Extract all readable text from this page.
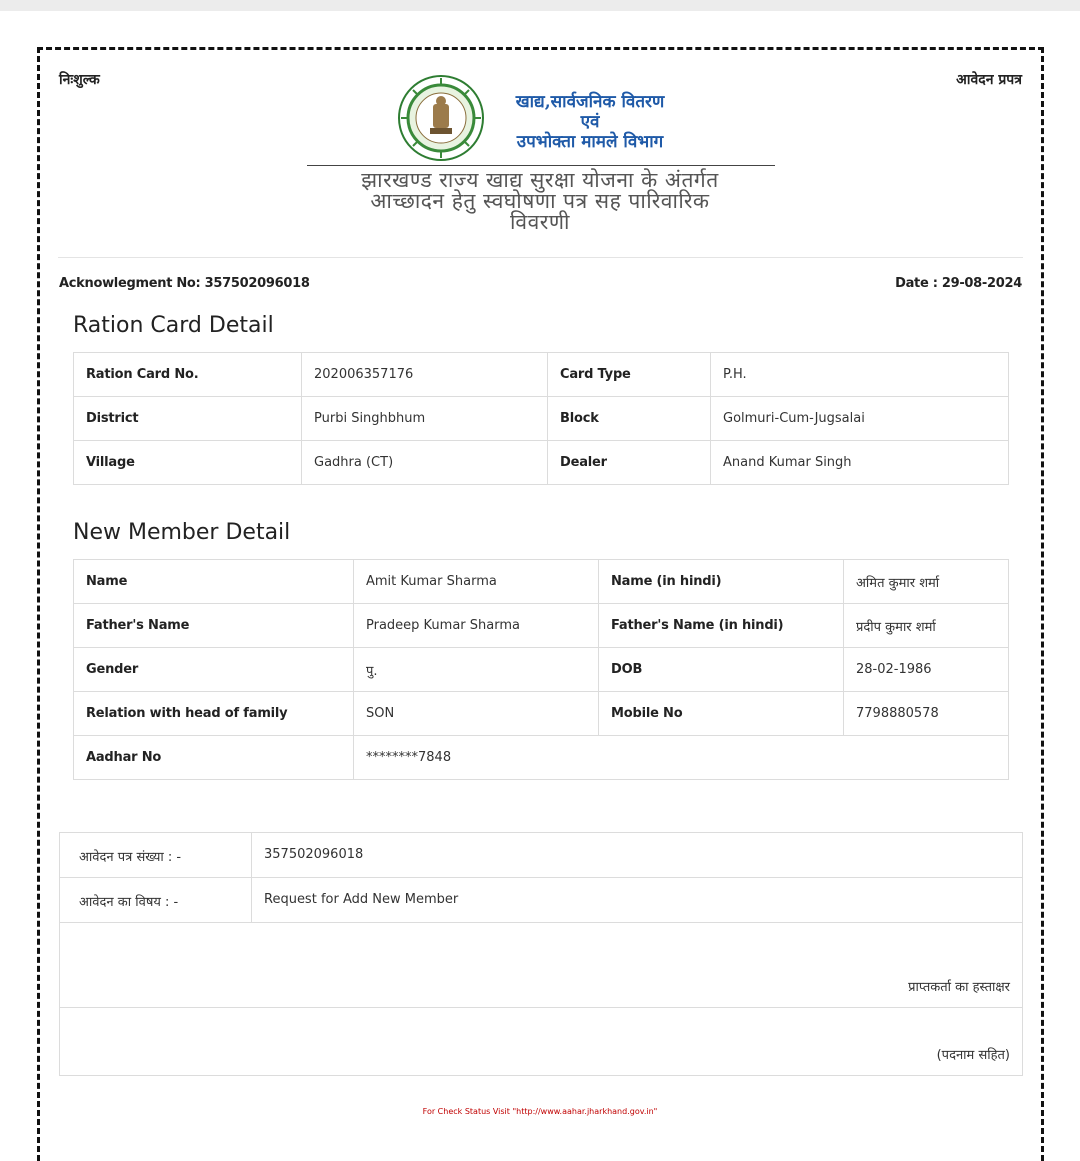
निःशुल्क	आवेदन प्रपत्र
खाद्य,सार्वजनिक वितरण
एवं
उपभोक्ता मामले विभाग
झारखण्ड राज्य खाद्य सुरक्षा योजना के अंतर्गत
आच्छादन हेतु स्वघोषणा पत्र सह पारिवारिक
विवरणी
Acknowlegment No: 357502096018	Date : 29-08-2024
Ration Card Detail
Ration Card No.	202006357176	Card Type	P.H.
District	Purbi Singhbhum	Block	Golmuri-Cum-Jugsalai
Village	Gadhra (CT)	Dealer	Anand Kumar Singh
New Member Detail
Name	Amit Kumar Sharma	Name (in hindi)	अमित कुमार शर्मा
Father's Name	Pradeep Kumar Sharma	Father's Name (in hindi)	प्रदीप कुमार शर्मा
Gender	पु.	DOB	28-02-1986
Relation with head of family	SON	Mobile No	7798880578
Aadhar No	********7848		
आवेदन पत्र संख्या : -	357502096018
आवेदन का विषय : -	Request for Add New Member
प्राप्तकर्ता का हस्ताक्षर
(पदनाम सहित)
For Check Status Visit "http://www.aahar.jharkhand.gov.in"
